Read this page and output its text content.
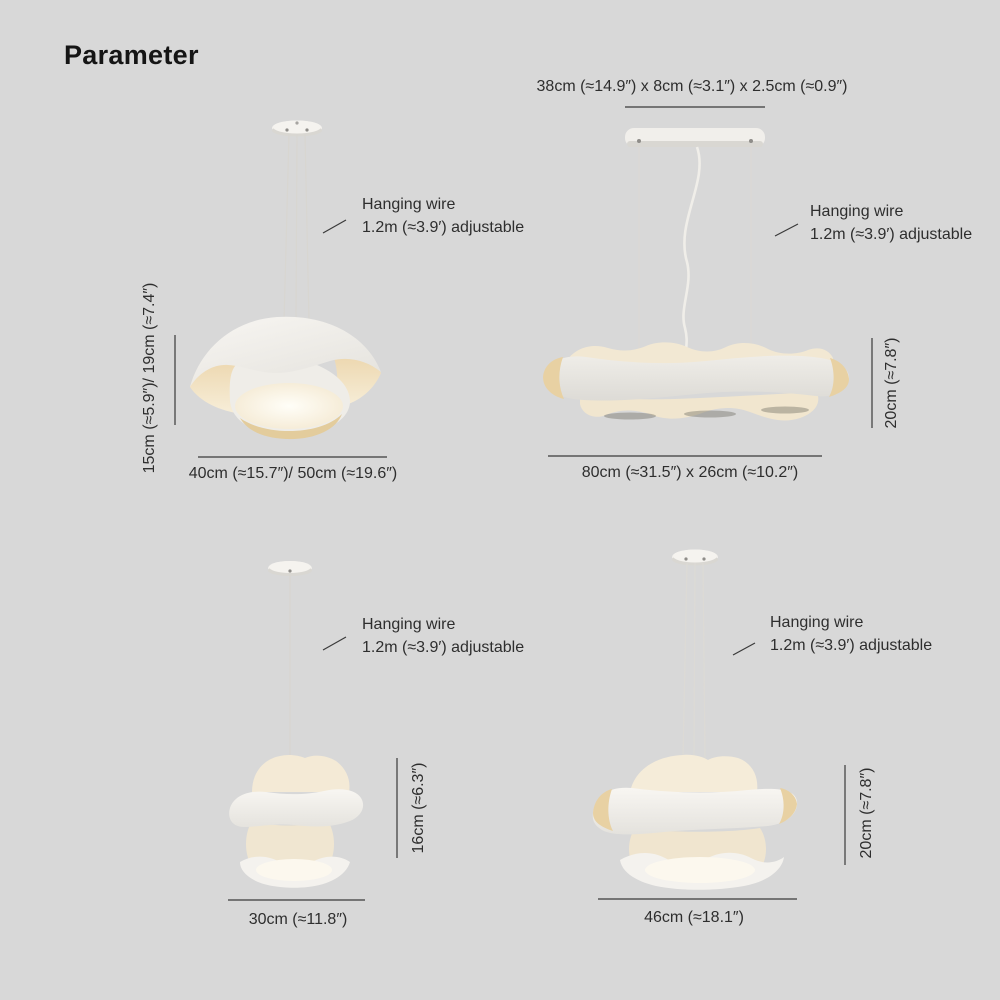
Parameter
38cm (≈14.9″) x 8cm (≈3.1″) x 2.5cm (≈0.9″)
Hanging wire
1.2m (≈3.9′) adjustable
Hanging wire
1.2m (≈3.9′) adjustable
Hanging wire
1.2m (≈3.9′) adjustable
Hanging wire
1.2m (≈3.9′) adjustable
15cm (≈5.9″)/ 19cm (≈7.4″)
40cm (≈15.7″)/ 50cm (≈19.6″)
20cm (≈7.8″)
80cm (≈31.5″) x 26cm (≈10.2″)
16cm (≈6.3″)
30cm (≈11.8″)
20cm (≈7.8″)
46cm (≈18.1″)
